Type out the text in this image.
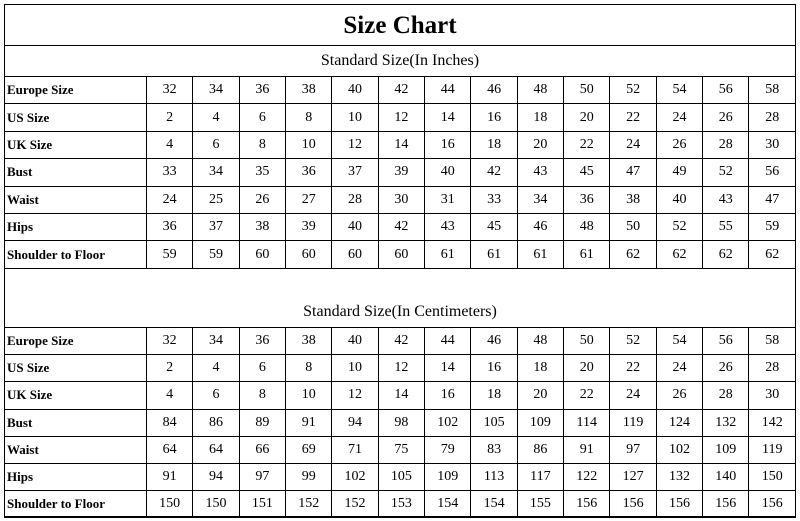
Size Chart
Standard Size(In Inches)
Europe Size	32	34	36	38	40	42	44	46	48	50	52	54	56	58
US Size	2	4	6	8	10	12	14	16	18	20	22	24	26	28
UK Size	4	6	8	10	12	14	16	18	20	22	24	26	28	30
Bust	33	34	35	36	37	39	40	42	43	45	47	49	52	56
Waist	24	25	26	27	28	30	31	33	34	36	38	40	43	47
Hips	36	37	38	39	40	42	43	45	46	48	50	52	55	59
Shoulder to Floor	59	59	60	60	60	60	61	61	61	61	62	62	62	62
Standard Size(In Centimeters)
Europe Size	32	34	36	38	40	42	44	46	48	50	52	54	56	58
US Size	2	4	6	8	10	12	14	16	18	20	22	24	26	28
UK Size	4	6	8	10	12	14	16	18	20	22	24	26	28	30
Bust	84	86	89	91	94	98	102	105	109	114	119	124	132	142
Waist	64	64	66	69	71	75	79	83	86	91	97	102	109	119
Hips	91	94	97	99	102	105	109	113	117	122	127	132	140	150
Shoulder to Floor	150	150	151	152	152	153	154	154	155	156	156	156	156	156
